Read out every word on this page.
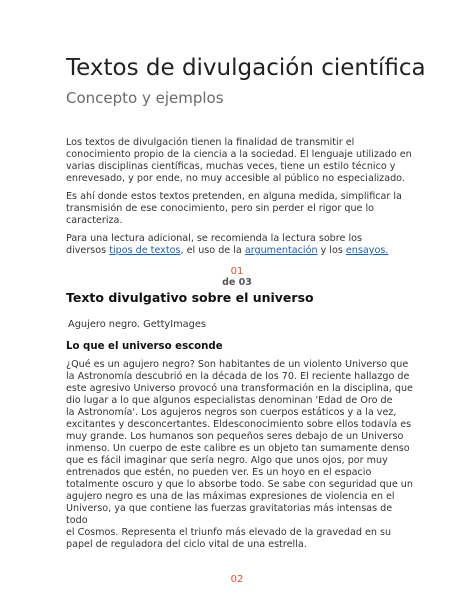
Textos de divulgación científica
Concepto y ejemplos

Los textos de divulgación tienen la finalidad de transmitir el

conocimiento propio de la ciencia a la sociedad. El lenguaje utilizado en

varias disciplinas científicas, muchas veces, tiene un estilo técnico y

enrevesado, y por ende, no muy accesible al público no especializado.

Es ahí donde estos textos pretenden, en alguna medida, simplificar la

transmisión de ese conocimiento, pero sin perder el rigor que lo

caracteriza.

Para una lectura adicional, se recomienda la lectura sobre los

diversos tipos de textos, el uso de la argumentación y los ensayos.

01
de 03
Texto divulgativo sobre el universo
Agujero negro. GettyImages
Lo que el universo esconde

¿Qué es un agujero negro? Son habitantes de un violento Universo que

la Astronomía descubrió en la década de los 70. El reciente hallazgo de

este agresivo Universo provocó una transformación en la disciplina, que

dio lugar a lo que algunos especialistas denominan 'Edad de Oro de

la Astronomía'. Los agujeros negros son cuerpos estáticos y a la vez,

excitantes y desconcertantes. Eldesconocimiento sobre ellos todavía es

muy grande. Los humanos son pequeños seres debajo de un Universo

inmenso. Un cuerpo de este calibre es un objeto tan sumamente denso

que es fácil imaginar que sería negro. Algo que unos ojos, por muy

entrenados que estén, no pueden ver. Es un hoyo en el espacio

totalmente oscuro y que lo absorbe todo. Se sabe con seguridad que un

agujero negro es una de las máximas expresiones de violencia en el

Universo, ya que contiene las fuerzas gravitatorias más intensas de todo

el Cosmos. Representa el triunfo más elevado de la gravedad en su

papel de reguladora del ciclo vital de una estrella.

02
